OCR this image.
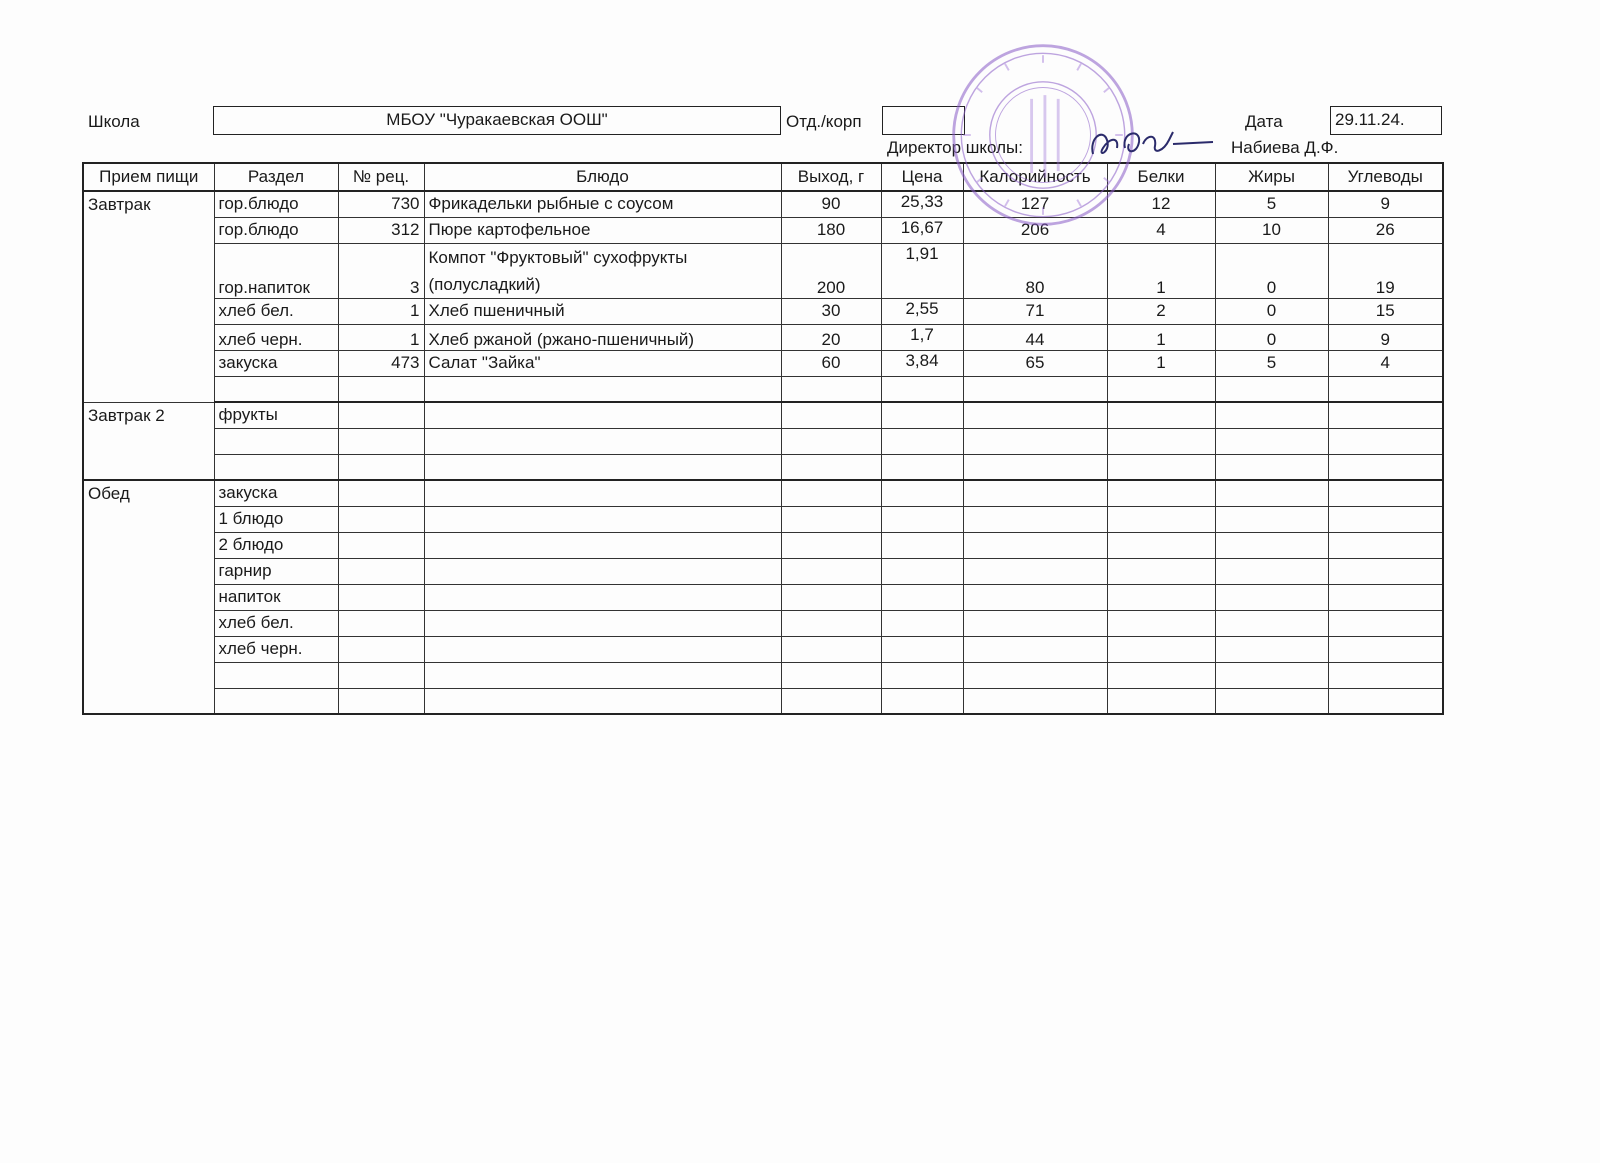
Школа	МБОУ "Чуракаевская ООШ"	Отд./корп	Дата	29.11.24.
Директор школы:	Набиева Д.Ф.
Прием пищи	Раздел	№ рец.	Блюдо	Выход, г	Цена	Калорийность	Белки	Жиры	Углеводы
Завтрак	гор.блюдо	730	Фрикадельки рыбные с соусом	90	25,33	127	12	5	9
	гор.блюдо	312	Пюре картофельное	180	16,67	206	4	10	26
	гор.напиток	3	Компот "Фруктовый" сухофрукты (полусладкий)	200	1,91	80	1	0	19
	хлеб бел.	1	Хлеб пшеничный	30	2,55	71	2	0	15
	хлеб черн.	1	Хлеб ржаной (ржано-пшеничный)	20	1,7	44	1	0	9
	закуска	473	Салат "Зайка"	60	3,84	65	1	5	4

Завтрак 2	фрукты								

Обед	закуска								
	1 блюдо								
	2 блюдо								
	гарнир								
	напиток								
	хлеб бел.								
	хлеб черн.								
